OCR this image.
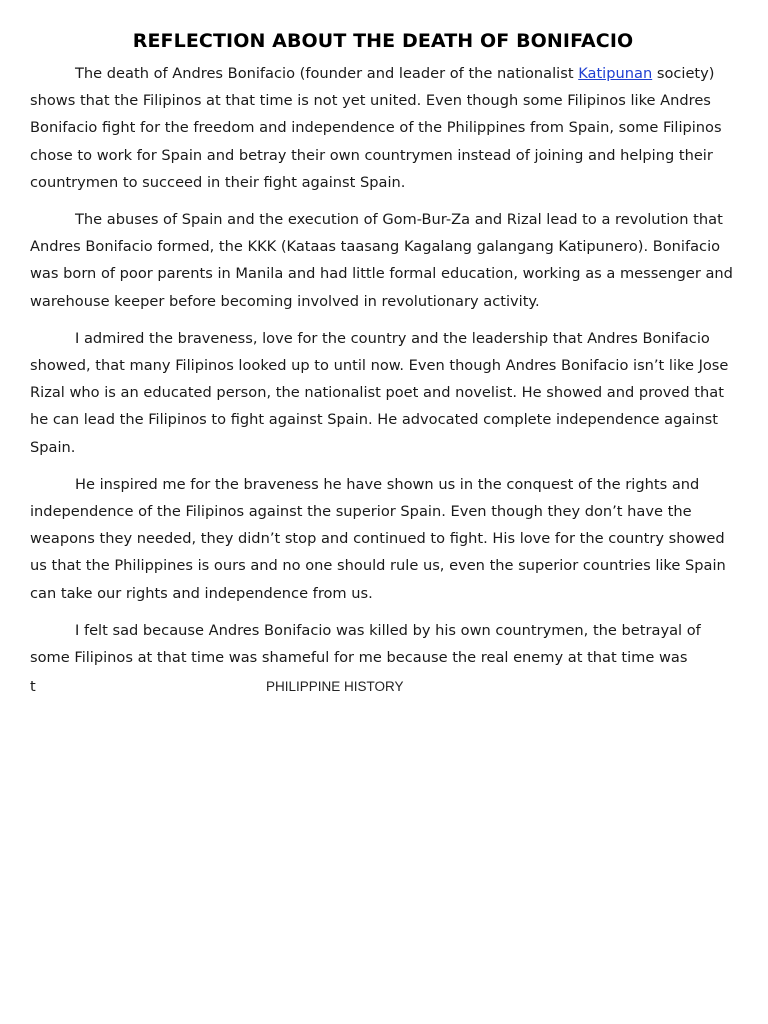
REFLECTION ABOUT THE DEATH OF BONIFACIO

The death of Andres Bonifacio (founder and leader of the nationalist Katipunan society) shows that the Filipinos at that time is not yet united. Even though some Filipinos like Andres Bonifacio fight for the freedom and independence of the Philippines from Spain, some Filipinos chose to work for Spain and betray their own countrymen instead of joining and helping their countrymen to succeed in their fight against Spain.

The abuses of Spain and the execution of Gom-Bur-Za and Rizal lead to a revolution that Andres Bonifacio formed, the KKK (Kataas taasang Kagalang galangang Katipunero). Bonifacio was born of poor parents in Manila and had little formal education, working as a messenger and warehouse keeper before becoming involved in revolutionary activity.

I admired the braveness, love for the country and the leadership that Andres Bonifacio showed, that many Filipinos looked up to until now. Even though Andres Bonifacio isn’t like Jose Rizal who is an educated person, the nationalist poet and novelist. He showed and proved that he can lead the Filipinos to fight against Spain. He advocated complete independence against Spain.

He inspired me for the braveness he have shown us in the conquest of the rights and independence of the Filipinos against the superior Spain. Even though they don’t have the weapons they needed, they didn’t stop and continued to fight. His love for the country showed us that the Philippines is ours and no one should rule us, even the superior countries like Spain can take our rights and independence from us.

I felt sad because Andres Bonifacio was killed by his own countrymen, the betrayal of some Filipinos at that time was shameful for me because the real enemy at that time was

t	PHILIPPINE HISTORY
